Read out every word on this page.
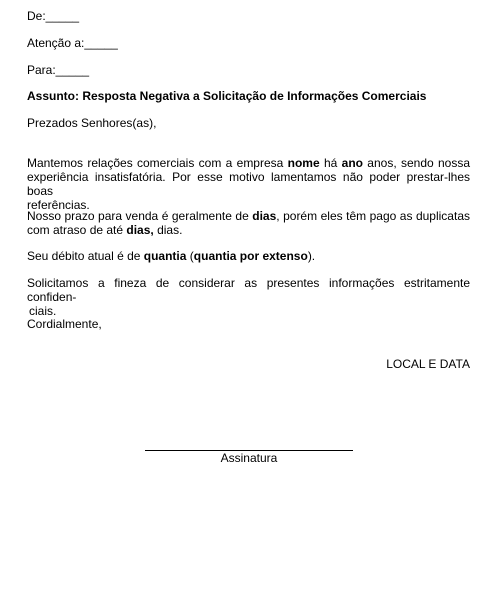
De:_____
Atenção a:_____
Para:_____
Assunto: Resposta Negativa a Solicitação de Informações Comerciais
Prezados Senhores(as),
Mantemos relações comerciais com a empresa nome há ano anos, sendo nossa
experiência insatisfatória. Por esse motivo lamentamos não poder prestar-lhes boas
referências.
Nosso prazo para venda é geralmente de dias, porém eles têm pago as duplicatas
com atraso de até dias, dias.
Seu débito atual é de quantia (quantia por extenso).
Solicitamos a fineza de considerar as presentes informações estritamente confiden-
ciais.
Cordialmente,
LOCAL E DATA
Assinatura
